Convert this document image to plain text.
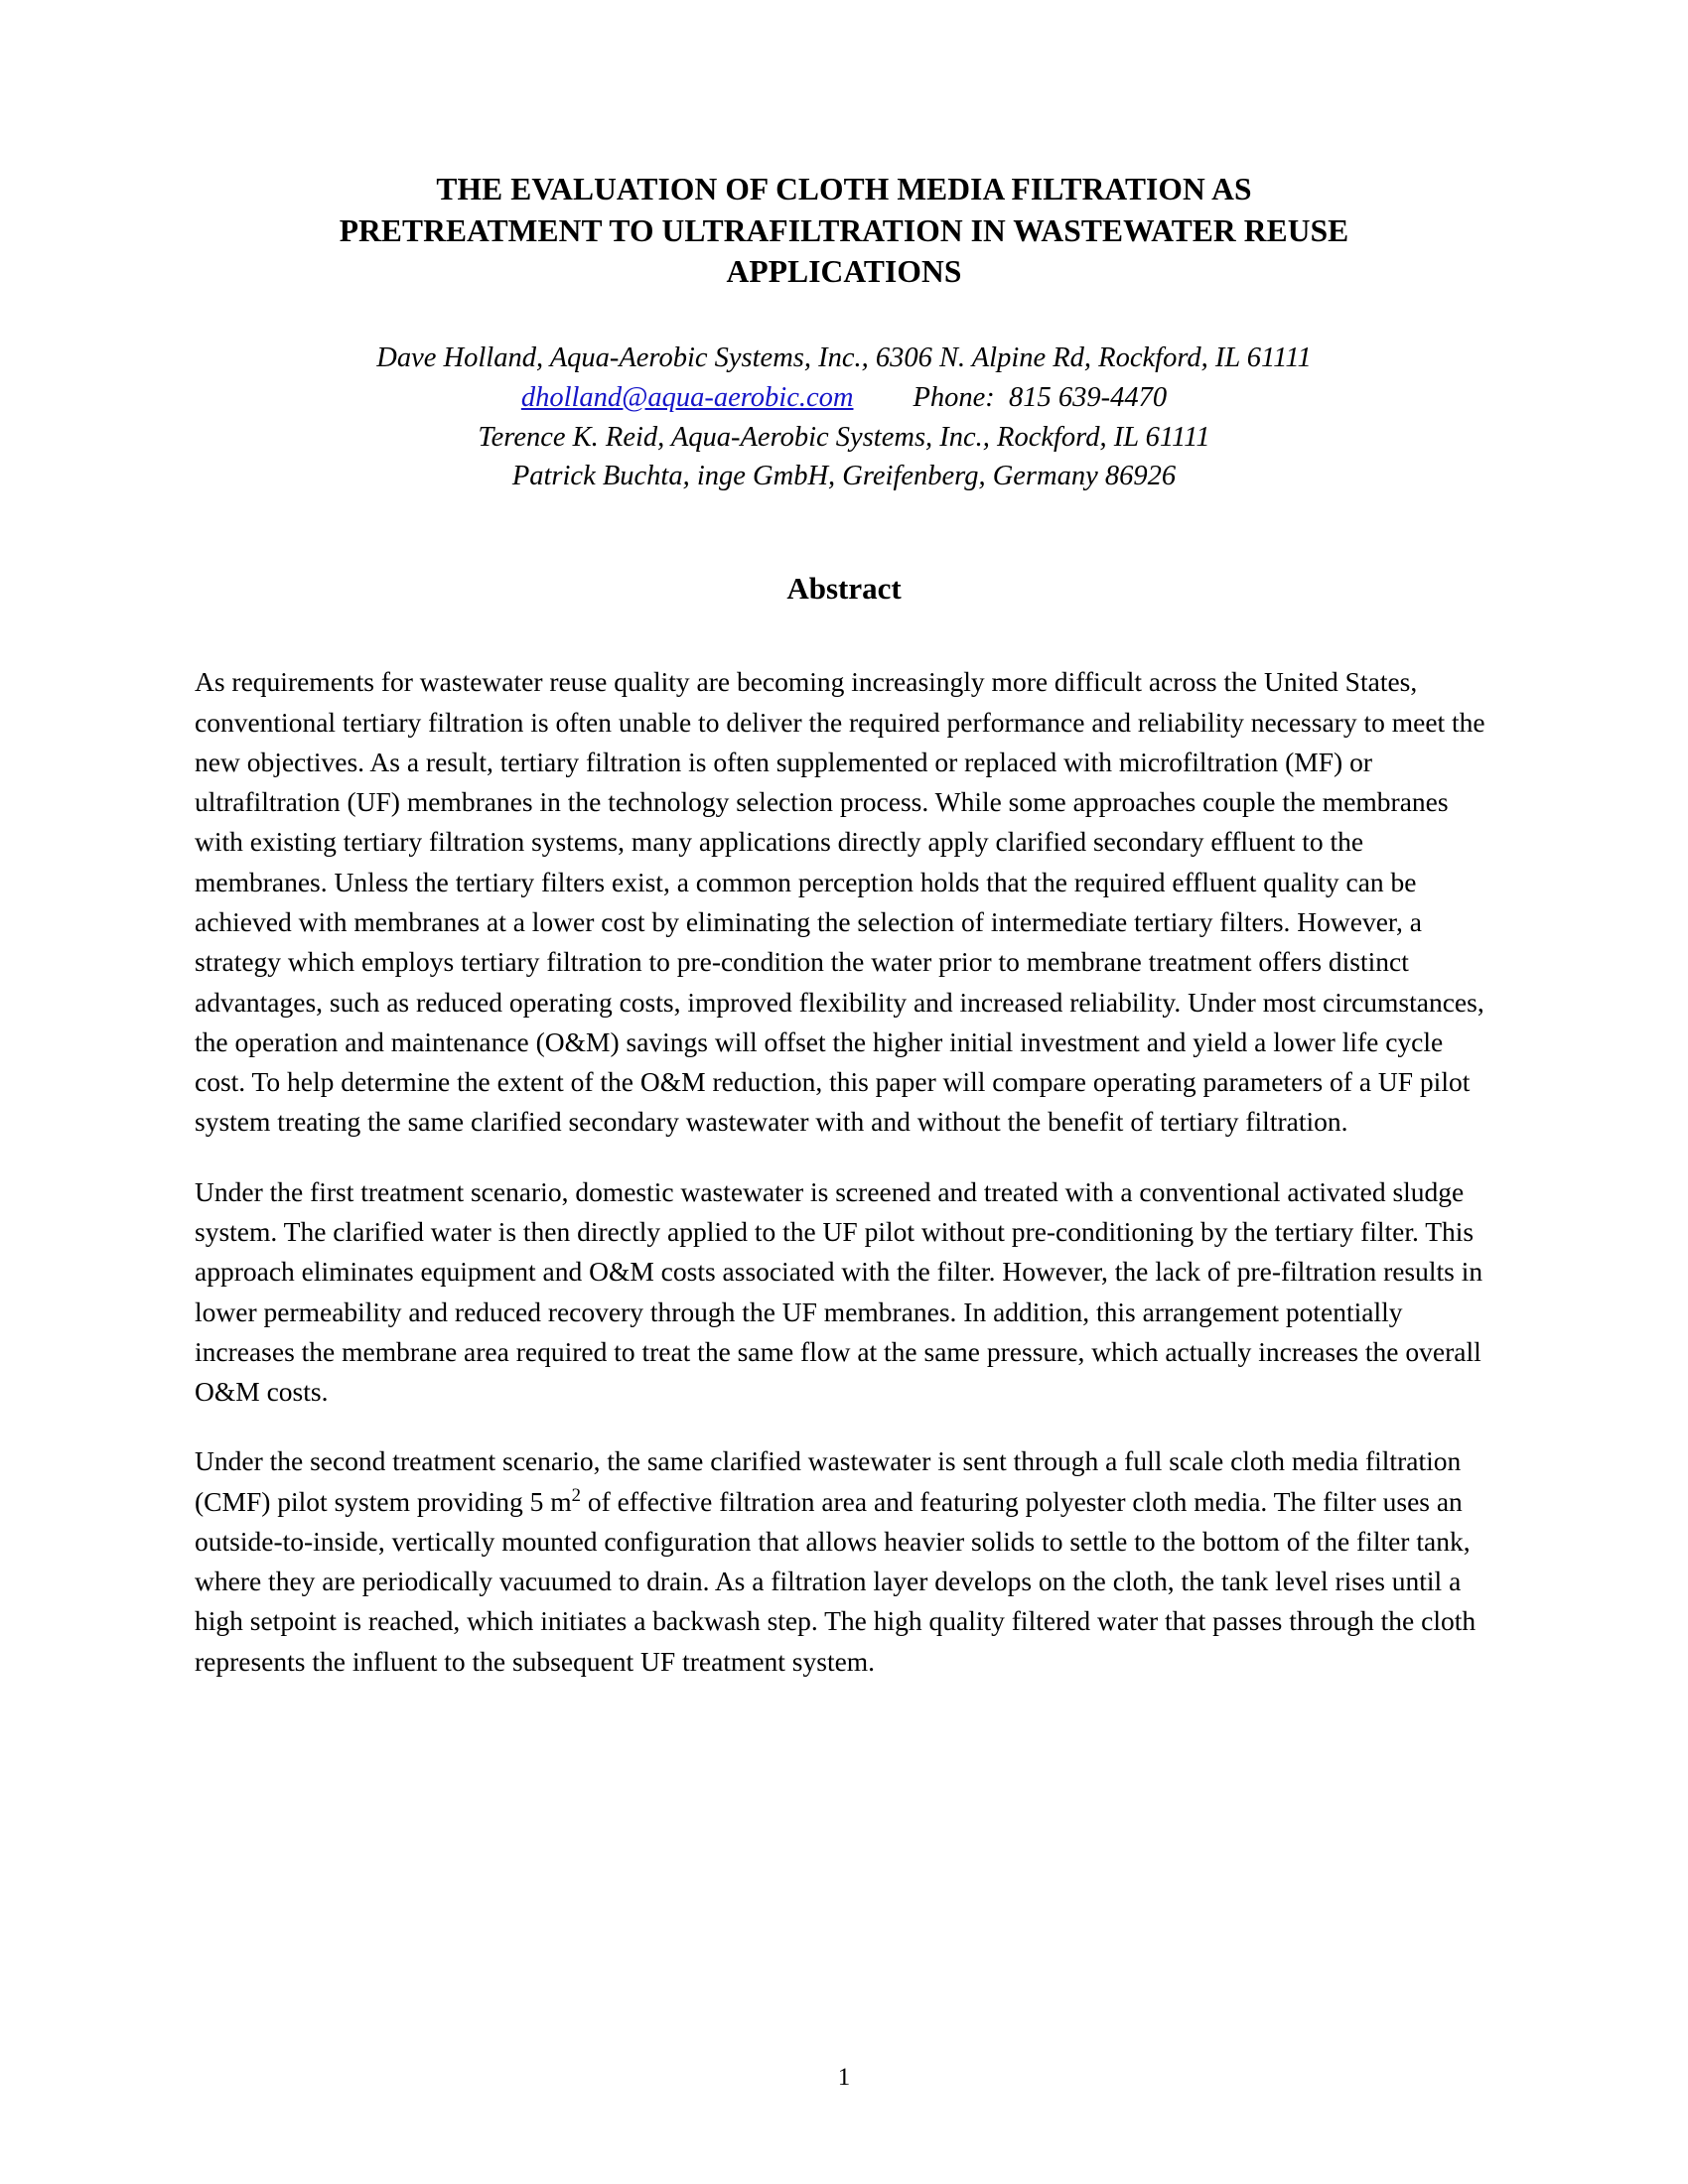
THE EVALUATION OF CLOTH MEDIA FILTRATION AS
PRETREATMENT TO ULTRAFILTRATION IN WASTEWATER REUSE
APPLICATIONS
Dave Holland, Aqua-Aerobic Systems, Inc., 6306 N. Alpine Rd, Rockford, IL 61111
dholland@aqua-aerobic.com Phone:  815 639-4470
Terence K. Reid, Aqua-Aerobic Systems, Inc., Rockford, IL 61111
Patrick Buchta, inge GmbH, Greifenberg, Germany 86926
Abstract

As requirements for wastewater reuse quality are becoming increasingly more difficult across the United States, conventional tertiary filtration is often unable to deliver the required performance and reliability necessary to meet the new objectives. As a result, tertiary filtration is often supplemented or replaced with microfiltration (MF) or ultrafiltration (UF) membranes in the technology selection process. While some approaches couple the membranes with existing tertiary filtration systems, many applications directly apply clarified secondary effluent to the membranes. Unless the tertiary filters exist, a common perception holds that the required effluent quality can be achieved with membranes at a lower cost by eliminating the selection of intermediate tertiary filters. However, a strategy which employs tertiary filtration to pre-condition the water prior to membrane treatment offers distinct advantages, such as reduced operating costs, improved flexibility and increased reliability. Under most circumstances, the operation and maintenance (O&M) savings will offset the higher initial investment and yield a lower life cycle cost. To help determine the extent of the O&M reduction, this paper will compare operating parameters of a UF pilot system treating the same clarified secondary wastewater with and without the benefit of tertiary filtration.

Under the first treatment scenario, domestic wastewater is screened and treated with a conventional activated sludge system. The clarified water is then directly applied to the UF pilot without pre-conditioning by the tertiary filter. This approach eliminates equipment and O&M costs associated with the filter. However, the lack of pre-filtration results in lower permeability and reduced recovery through the UF membranes. In addition, this arrangement potentially increases the membrane area required to treat the same flow at the same pressure, which actually increases the overall O&M costs.

Under the second treatment scenario, the same clarified wastewater is sent through a full scale cloth media filtration (CMF) pilot system providing 5 $m^2$ of effective filtration area and featuring polyester cloth media. The filter uses an outside-to-inside, vertically mounted configuration that allows heavier solids to settle to the bottom of the filter tank, where they are periodically vacuumed to drain. As a filtration layer develops on the cloth, the tank level rises until a high setpoint is reached, which initiates a backwash step. The high quality filtered water that passes through the cloth represents the influent to the subsequent UF treatment system.

1
